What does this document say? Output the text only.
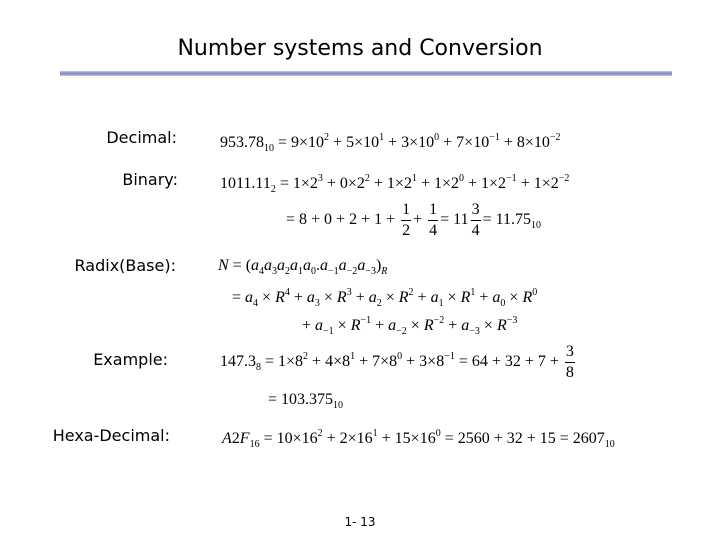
Number systems and Conversion
Decimal:	$953.78_{10} = 9\times 10^2 + 5\times 10^1 + 3\times 10^0 + 7\times 10^{-1} + 8\times 10^{-2}$
Binary:	$1011.11_2 = 1\times 2^3 + 0\times 2^2 + 1\times 2^1 + 1\times 2^0 + 1\times 2^{-1} + 1\times 2^{-2}$
= $8 + 0 + 2 + 1 + \frac{1}{2} + \frac{1}{4} = 11 \frac{3}{4} = 11.75_{10}$
Radix(Base):	$N = (a_4a_3a_2a_1a_0.a_{-1}a_{-2}a_{-3})_R$
= $a_4 \times R^4 + a_3 \times R^3 + a_2 \times R^2 + a_1 \times R^1 + a_0 \times R^0$
+ $a_{-1} \times R^{-1} + a_{-2} \times R^{-2} + a_{-3} \times R^{-3}$
Example:	$147.3_8 = 1\times 8^2 + 4\times 8^1 + 7\times 8^0 + 3\times 8^{-1} = 64 + 32 + 7 + \frac{3}{8}$
= $103.375_{10}$
Hexa-Decimal:	$A2F_{16} = 10\times 16^2 + 2\times 16^1 + 15\times 16^0 = 2560 + 32 + 15 = 2607_{10}$
1- 13
